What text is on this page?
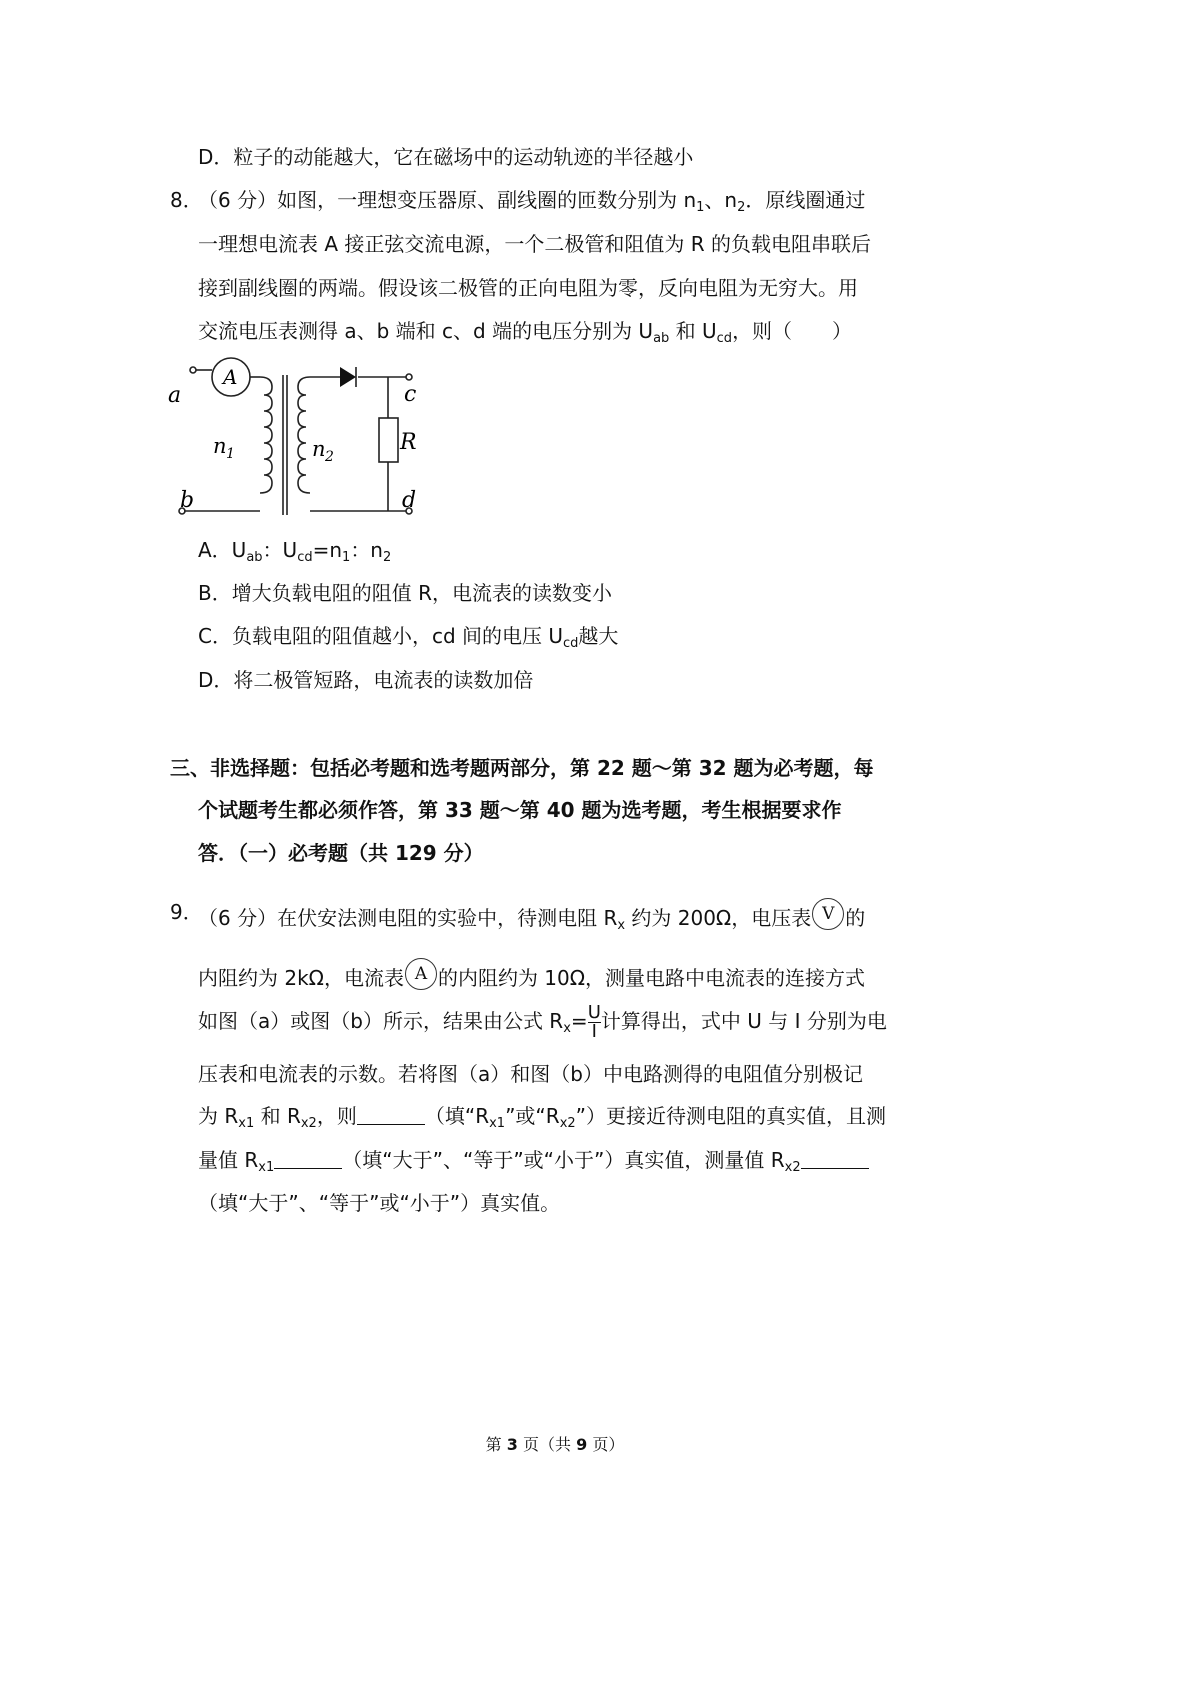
D．粒子的动能越大，它在磁场中的运动轨迹的半径越小
8．
（6 分）如图，一理想变压器原、副线圈的匝数分别为 $n_1$、$n_2$．原线圈通过
一理想电流表 A 接正弦交流电源，一个二极管和阻值为 R 的负载电阻串联后
接到副线圈的两端。假设该二极管的正向电阻为零，反向电阻为无穷大。用
交流电压表测得 a、b 端和 c、d 端的电压分别为 $U_{ab}$ 和 $U_{cd}$，则（　　）
A
a
b
c
d
R
n 1	n 2
A．$U_{ab}$：$U_{cd}=n_1$：$n_2$
B．增大负载电阻的阻值 R，电流表的读数变小
C．负载电阻的阻值越小，cd 间的电压 $U_{cd}$越大
D．将二极管短路，电流表的读数加倍
三、非选择题：包括必考题和选考题两部分，第 22 题～第 32 题为必考题，每
个试题考生都必须作答，第 33 题～第 40 题为选考题，考生根据要求作
答．（一）必考题（共 129 分）
9．
（6 分）在伏安法测电阻的实验中，待测电阻 $R_x$ 约为 200Ω，电压表 V 的
内阻约为 2kΩ，电流表 A 的内阻约为 10Ω，测量电路中电流表的连接方式
如图（a）或图（b）所示，结果由公式 $R_x= \frac{U}{I}$ 计算得出，式中 U 与 I 分别为电
压表和电流表的示数。若将图（a）和图（b）中电路测得的电阻值分别极记
为 $R_{x1}$ 和 $R_{x2}$，则	（填“$R_{x1}$”或“$R_{x2}$”）更接近待测电阻的真实值，且测
量值 $R_{x1}$	（填“大于”、“等于”或“小于”）真实值，测量值 $R_{x2}$
（填“大于”、“等于”或“小于”）真实值。
第 3 页（共 9 页）
